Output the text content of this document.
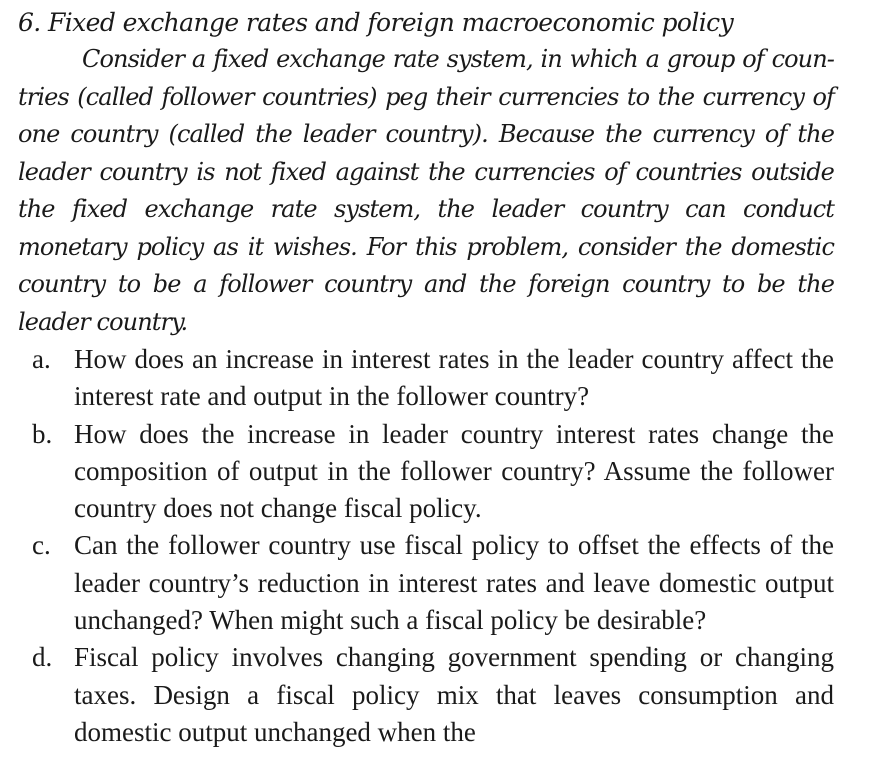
6. Fixed exchange rates and foreign macroeconomic policy

Consider a fixed exchange rate system, in which a group of coun-tries (called follower countries) peg their currencies to the currency of one country (called the leader country). Because the currency of the leader country is not fixed against the currencies of countries outside the fixed exchange rate system, the leader country can conduct monetary policy as it wishes. For this problem, consider the domestic country to be a follower country and the foreign country to be the leader country.

a. How does an increase in interest rates in the leader country affect the interest rate and output in the follower country?
b. How does the increase in leader country interest rates change the composition of output in the follower country? Assume the follower country does not change fiscal policy.
c. Can the follower country use fiscal policy to offset the effects of the leader country’s reduction in interest rates and leave domestic output unchanged? When might such a fiscal policy be desirable?
d. Fiscal policy involves changing government spending or changing taxes. Design a fiscal policy mix that leaves consumption and domestic output unchanged when the
